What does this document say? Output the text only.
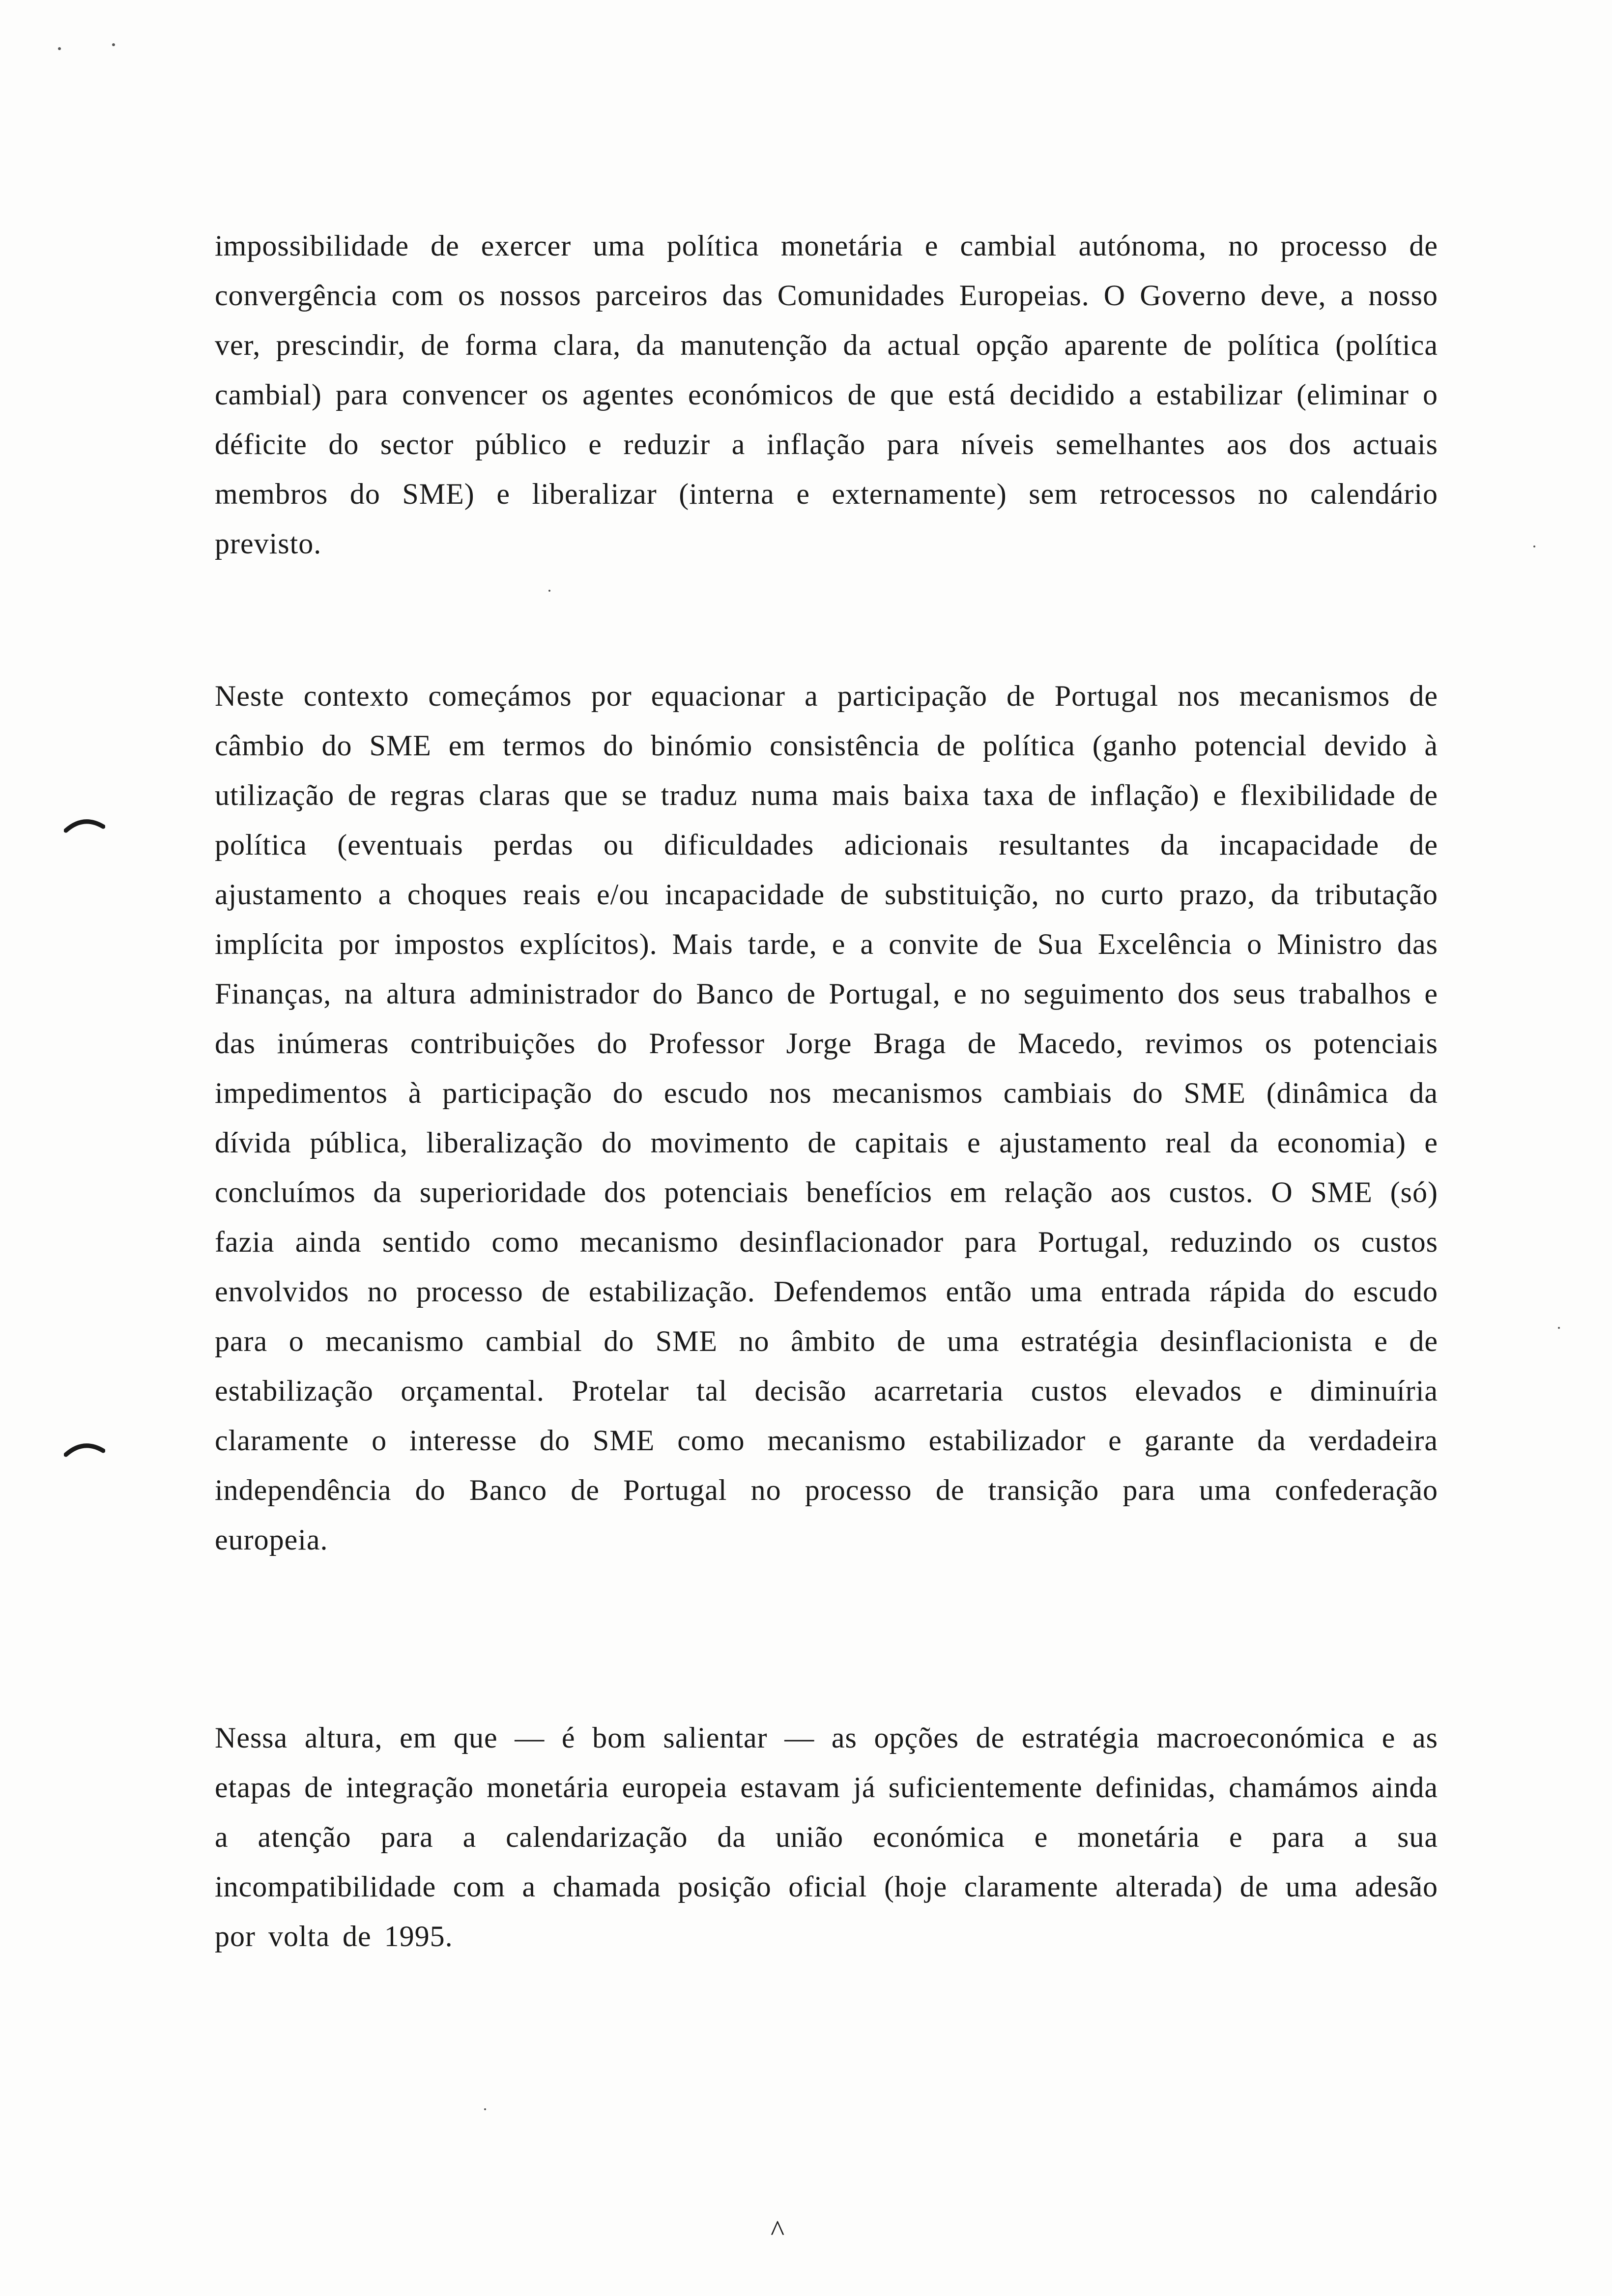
impossibilidade de exercer uma política monetária e cambial autónoma, no processo de convergência com os nossos parceiros das Comunidades Europeias. O Governo deve, a nosso ver, prescindir, de forma clara, da manutenção da actual opção aparente de política (política cambial) para convencer os agentes económicos de que está decidido a estabilizar (eliminar o déficite do sector público e reduzir a inflação para níveis semelhantes aos dos actuais membros do SME) e liberalizar (interna e externamente) sem retrocessos no calendário previsto.

Neste contexto começámos por equacionar a participação de Portugal nos mecanismos de câmbio do SME em termos do binómio consistência de política (ganho potencial devido à utilização de regras claras que se traduz numa mais baixa taxa de inflação) e flexibilidade de política (eventuais perdas ou dificuldades adicionais resultantes da incapacidade de ajustamento a choques reais e/ou incapacidade de substituição, no curto prazo, da tributação implícita por impostos explícitos). Mais tarde, e a convite de Sua Excelência o Ministro das Finanças, na altura administrador do Banco de Portugal, e no seguimento dos seus trabalhos e das inúmeras contribuições do Professor Jorge Braga de Macedo, revimos os potenciais impedimentos à participação do escudo nos mecanismos cambiais do SME (dinâmica da dívida pública, liberalização do movimento de capitais e ajustamento real da economia) e concluímos da superioridade dos potenciais benefícios em relação aos custos. O SME (só) fazia ainda sentido como mecanismo desinflacionador para Portugal, reduzindo os custos envolvidos no processo de estabilização. Defendemos então uma entrada rápida do escudo para o mecanismo cambial do SME no âmbito de uma estratégia desinflacionista e de estabilização orçamental. Protelar tal decisão acarretaria custos elevados e diminuíria claramente o interesse do SME como mecanismo estabilizador e garante da verdadeira independência do Banco de Portugal no processo de transição para uma confederação europeia.

Nessa altura, em que — é bom salientar — as opções de estratégia macroeconómica e as etapas de integração monetária europeia estavam já suficientemente definidas, chamámos ainda a atenção para a calendarização da união económica e monetária e para a sua incompatibilidade com a chamada posição oficial (hoje claramente alterada) de uma adesão por volta de 1995.

^
